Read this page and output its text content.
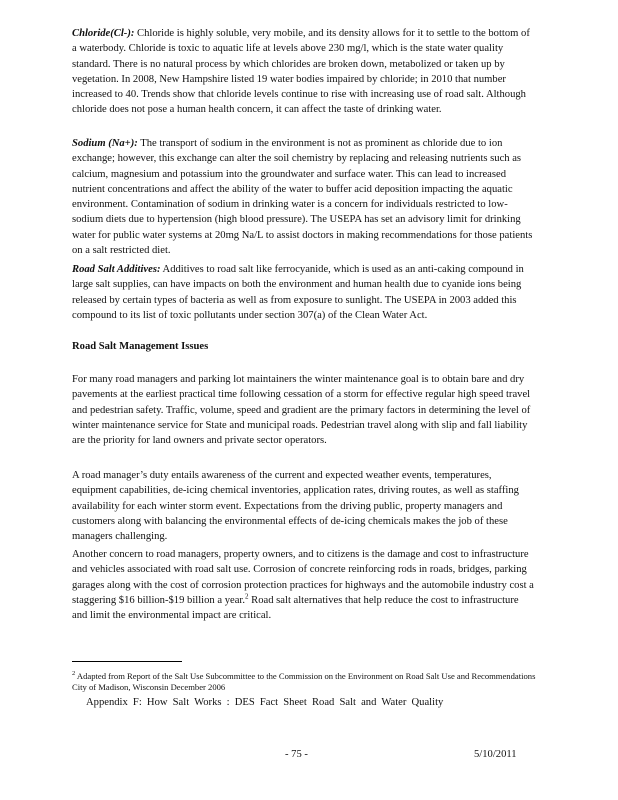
Chloride(Cl-): Chloride is highly soluble, very mobile, and its density allows for it to settle to the bottom of a waterbody. Chloride is toxic to aquatic life at levels above 230 mg/l, which is the state water quality standard. There is no natural process by which chlorides are broken down, metabolized or taken up by vegetation. In 2008, New Hampshire listed 19 water bodies impaired by chloride; in 2010 that number increased to 40. Trends show that chloride levels continue to rise with increasing use of road salt. Although chloride does not pose a human health concern, it can affect the taste of drinking water.

Sodium (Na+): The transport of sodium in the environment is not as prominent as chloride due to ion exchange; however, this exchange can alter the soil chemistry by replacing and releasing nutrients such as calcium, magnesium and potassium into the groundwater and surface water. This can lead to increased nutrient concentrations and affect the ability of the water to buffer acid deposition impacting the aquatic environment. Contamination of sodium in drinking water is a concern for individuals restricted to low-sodium diets due to hypertension (high blood pressure). The USEPA has set an advisory limit for drinking water for public water systems at 20mg Na/L to assist doctors in making recommendations for those patients on a salt restricted diet.

Road Salt Additives: Additives to road salt like ferrocyanide, which is used as an anti-caking compound in large salt supplies, can have impacts on both the environment and human health due to cyanide ions being released by certain types of bacteria as well as from exposure to sunlight. The USEPA in 2003 added this compound to its list of toxic pollutants under section 307(a) of the Clean Water Act.

Road Salt Management Issues

For many road managers and parking lot maintainers the winter maintenance goal is to obtain bare and dry pavements at the earliest practical time following cessation of a storm for effective regular high speed travel and pedestrian safety. Traffic, volume, speed and gradient are the primary factors in determining the level of winter maintenance service for State and municipal roads. Pedestrian travel along with slip and fall liability are the priority for land owners and private sector operators.

A road manager’s duty entails awareness of the current and expected weather events, temperatures, equipment capabilities, de-icing chemical inventories, application rates, driving routes, as well as staffing availability for each winter storm event. Expectations from the driving public, property managers and customers along with balancing the environmental effects of de-icing chemicals makes the job of these managers challenging.

Another concern to road managers, property owners, and to citizens is the damage and cost to infrastructure and vehicles associated with road salt use. Corrosion of concrete reinforcing rods in roads, bridges, parking garages along with the cost of corrosion protection practices for highways and the automobile industry cost a staggering $16 billion-$19 billion a year.$^2$ Road salt alternatives that help reduce the cost to infrastructure and limit the environmental impact are critical.

$^2$ Adapted from Report of the Salt Use Subcommittee to the Commission on the Environment on Road Salt Use and Recommendations City of Madison, Wisconsin December 2006
Appendix F: How Salt Works : DES Fact Sheet Road Salt and Water Quality
- 75 -	5/10/2011
